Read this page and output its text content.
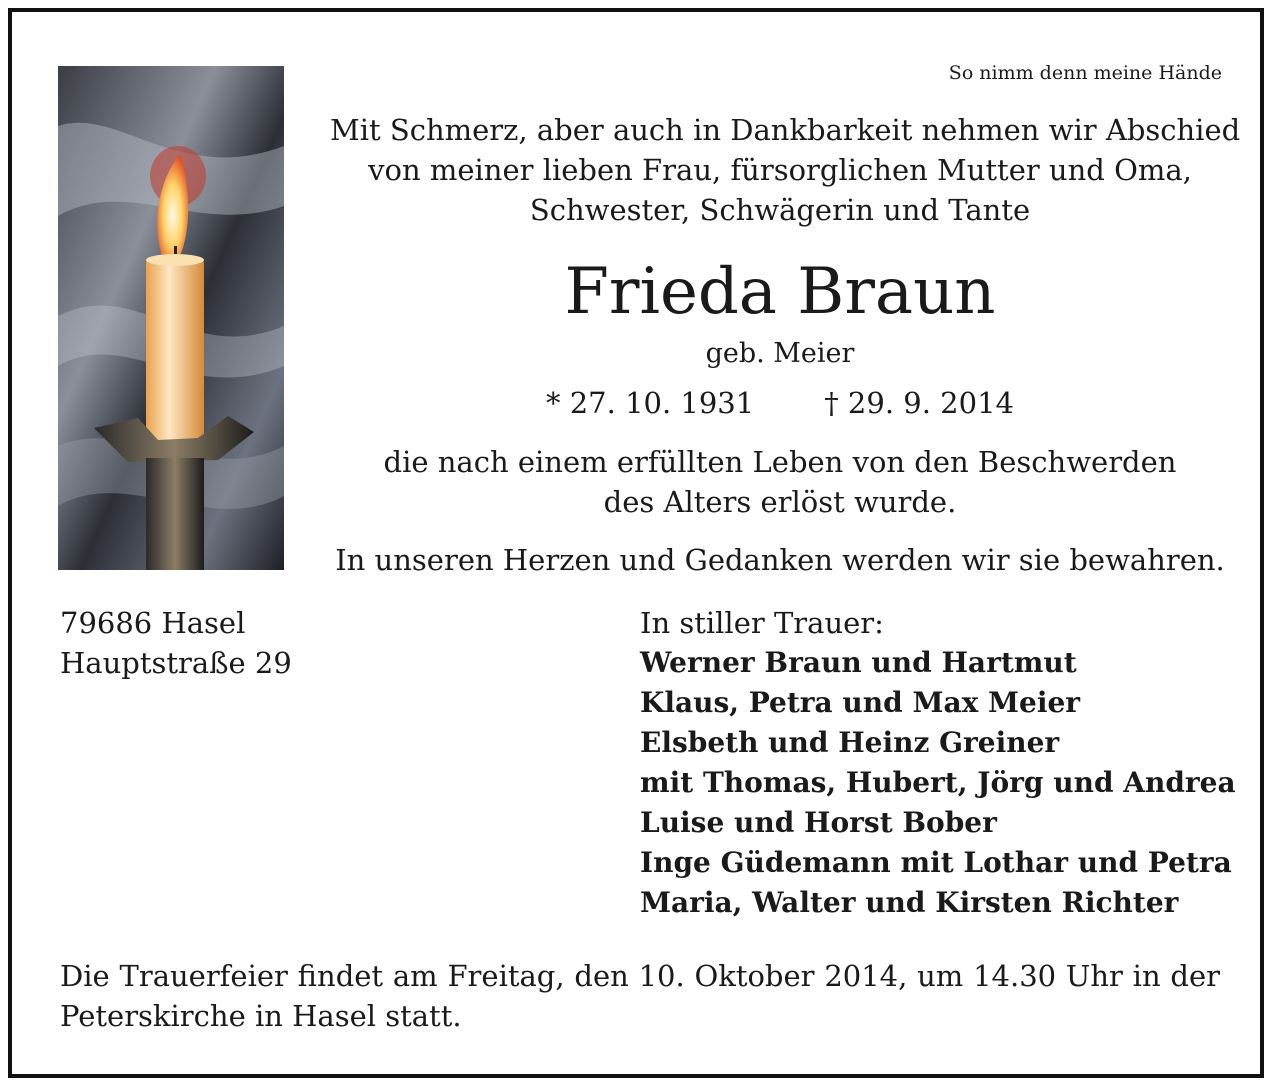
So nimm denn meine Hände
Mit Schmerz, aber auch in Dankbarkeit nehmen wir Abschied
von meiner lieben Frau, fürsorglichen Mutter und Oma,
Schwester, Schwägerin und Tante
Frieda Braun
geb. Meier
* 27. 10. 1931 † 29. 9. 2014
die nach einem erfüllten Leben von den Beschwerden
des Alters erlöst wurde.
In unseren Herzen und Gedanken werden wir sie bewahren.
79686 Hasel
Hauptstraße 29
In stiller Trauer:
Werner Braun und Hartmut
Klaus, Petra und Max Meier
Elsbeth und Heinz Greiner
mit Thomas, Hubert, Jörg und Andrea
Luise und Horst Bober
Inge Güdemann mit Lothar und Petra
Maria, Walter und Kirsten Richter
Die Trauerfeier findet am Freitag, den 10. Oktober 2014, um 14.30 Uhr in der
Peterskirche in Hasel statt.
